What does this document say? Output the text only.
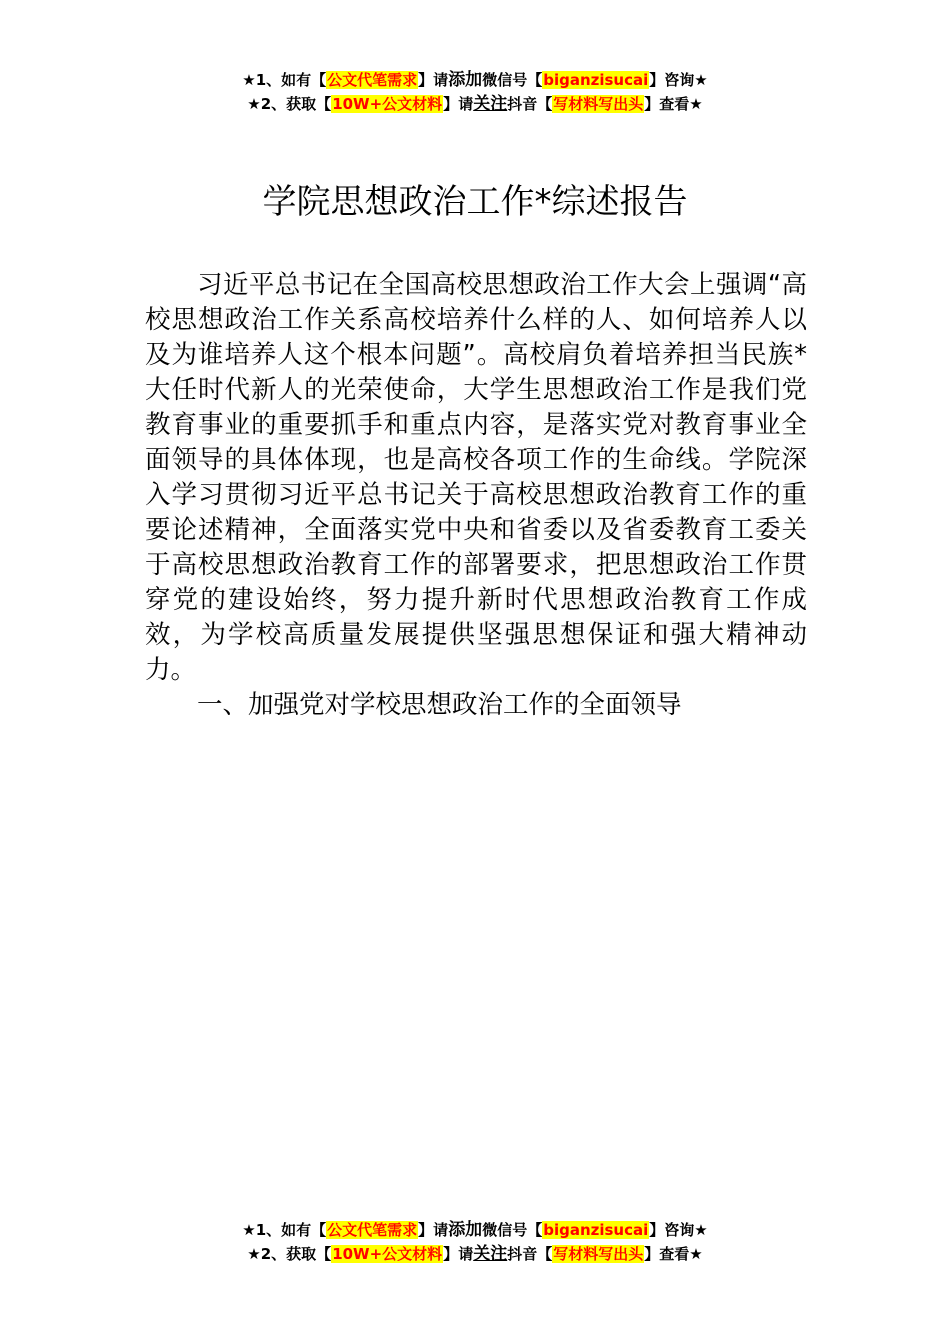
★1、如有【公文代笔需求】请添加微信号【biganzisucai】咨询★
★2、获取【10W+公文材料】请关注抖音【写材料写出头】查看★
学院思想政治工作*综述报告

习近平总书记在全国高校思想政治工作大会上强调“高校思想政治工作关系高校培养什么样的人、如何培养人以及为谁培养人这个根本问题”。高校肩负着培养担当民族*大任时代新人的光荣使命，大学生思想政治工作是我们党教育事业的重要抓手和重点内容，是落实党对教育事业全面领导的具体体现，也是高校各项工作的生命线。学院深入学习贯彻习近平总书记关于高校思想政治教育工作的重要论述精神，全面落实党中央和省委以及省委教育工委关于高校思想政治教育工作的部署要求，把思想政治工作贯穿党的建设始终，努力提升新时代思想政治教育工作成效，为学校高质量发展提供坚强思想保证和强大精神动力。

一、加强党对学校思想政治工作的全面领导

★1、如有【公文代笔需求】请添加微信号【biganzisucai】咨询★
★2、获取【10W+公文材料】请关注抖音【写材料写出头】查看★
